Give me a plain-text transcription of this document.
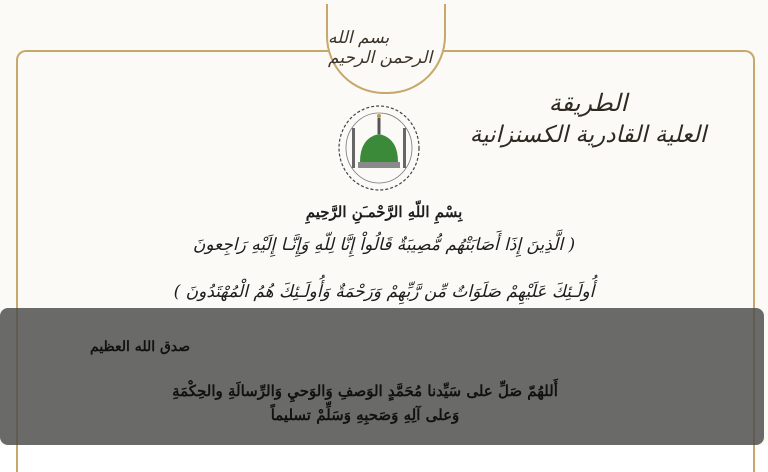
بسم الله الرحمن الرحيم
الطريقة
العلية القادرية الكسنزانية
بِسْمِ اللّهِ الرَّحْمـَنِ الرَّحِيمِ
( الَّذِينَ إِذَا أَصَابَتْهُم مُّصِيبَةٌ قَالُواْ إِنَّا لِلّهِ وَإِنَّـا إِلَيْهِ رَاجِعونَ
أُولَـئِكَ عَلَيْهِمْ صَلَوَاتٌ مِّن رَّبِّهِمْ وَرَحْمَةٌ وَأُولَـئِكَ هُمُ الْمُهْتَدُونَ )
صدق الله العظيم
أَللهُمّ صَلِّ على سَيِّدنا مُحَمَّدٍ الوَصفِ وَالوَحيِ وَالرِّسالَةِ والحِكْمَةِ
وَعلى آلِهِ وَصَحبِهِ وَسَلِّمْ تسليماً
